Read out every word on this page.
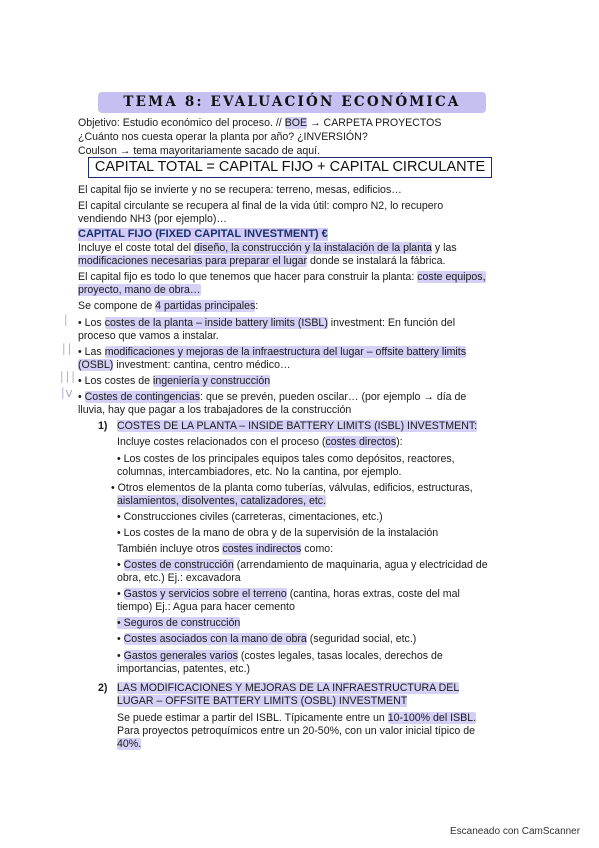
TEMA 8: EVALUACIÓN ECONÓMICA
Objetivo: Estudio económico del proceso. // BOE → CARPETA PROYECTOS
¿Cuánto nos cuesta operar la planta por año? ¿INVERSIÓN?
Coulson → tema mayoritariamente sacado de aquí.
CAPITAL TOTAL = CAPITAL FIJO + CAPITAL CIRCULANTE
El capital fijo se invierte y no se recupera: terreno, mesas, edificios…
El capital circulante se recupera al final de la vida útil: compro N2, lo recupero
vendiendo NH3 (por ejemplo)…
CAPITAL FIJO (FIXED CAPITAL INVESTMENT) €
Incluye el coste total del diseño, la construcción y la instalación de la planta y las
modificaciones necesarias para preparar el lugar donde se instalará la fábrica.
El capital fijo es todo lo que tenemos que hacer para construir la planta: coste equipos,
proyecto, mano de obra…
Se compone de 4 partidas principales:
׀ • Los costes de la planta – inside battery limits (ISBL) investment: En función del
proceso que vamos a instalar.
׀׀ • Las modificaciones y mejoras de la infraestructura del lugar – offsite battery limits
(OSBL) investment: cantina, centro médico…
׀׀׀ • Los costes de ingeniería y construcción
׀V • Costes de contingencias: que se prevén, pueden oscilar… (por ejemplo → día de
lluvia, hay que pagar a los trabajadores de la construcción
1) COSTES DE LA PLANTA – INSIDE BATTERY LIMITS (ISBL) INVESTMENT:
Incluye costes relacionados con el proceso (costes directos):
• Los costes de los principales equipos tales como depósitos, reactores,
columnas, intercambiadores, etc. No la cantina, por ejemplo.
• Otros elementos de la planta como tuberías, válvulas, edificios, estructuras,
aislamientos, disolventes, catalizadores, etc.
• Construcciones civiles (carreteras, cimentaciones, etc.)
• Los costes de la mano de obra y de la supervisión de la instalación
También incluye otros costes indirectos como:
• Costes de construcción (arrendamiento de maquinaria, agua y electricidad de
obra, etc.) Ej.: excavadora
• Gastos y servicios sobre el terreno (cantina, horas extras, coste del mal
tiempo) Ej.: Agua para hacer cemento
• Seguros de construcción
• Costes asociados con la mano de obra (seguridad social, etc.)
• Gastos generales varios (costes legales, tasas locales, derechos de
importancias, patentes, etc.)
2) LAS MODIFICACIONES Y MEJORAS DE LA INFRAESTRUCTURA DEL
LUGAR – OFFSITE BATTERY LIMITS (OSBL) INVESTMENT
Se puede estimar a partir del ISBL. Típicamente entre un 10-100% del ISBL.
Para proyectos petroquímicos entre un 20-50%, con un valor inicial típico de
40%.
Escaneado con CamScanner
